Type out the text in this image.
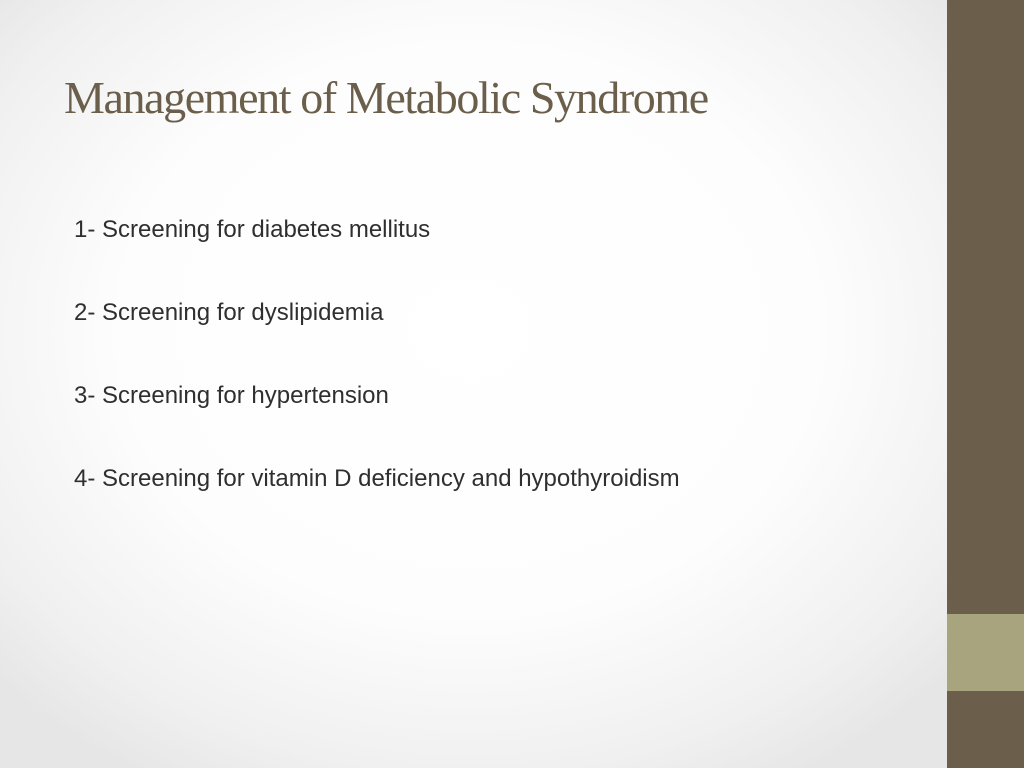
Management of Metabolic Syndrome
1- Screening for diabetes mellitus
2- Screening for dyslipidemia
3- Screening for hypertension
4- Screening for vitamin D deficiency and hypothyroidism
